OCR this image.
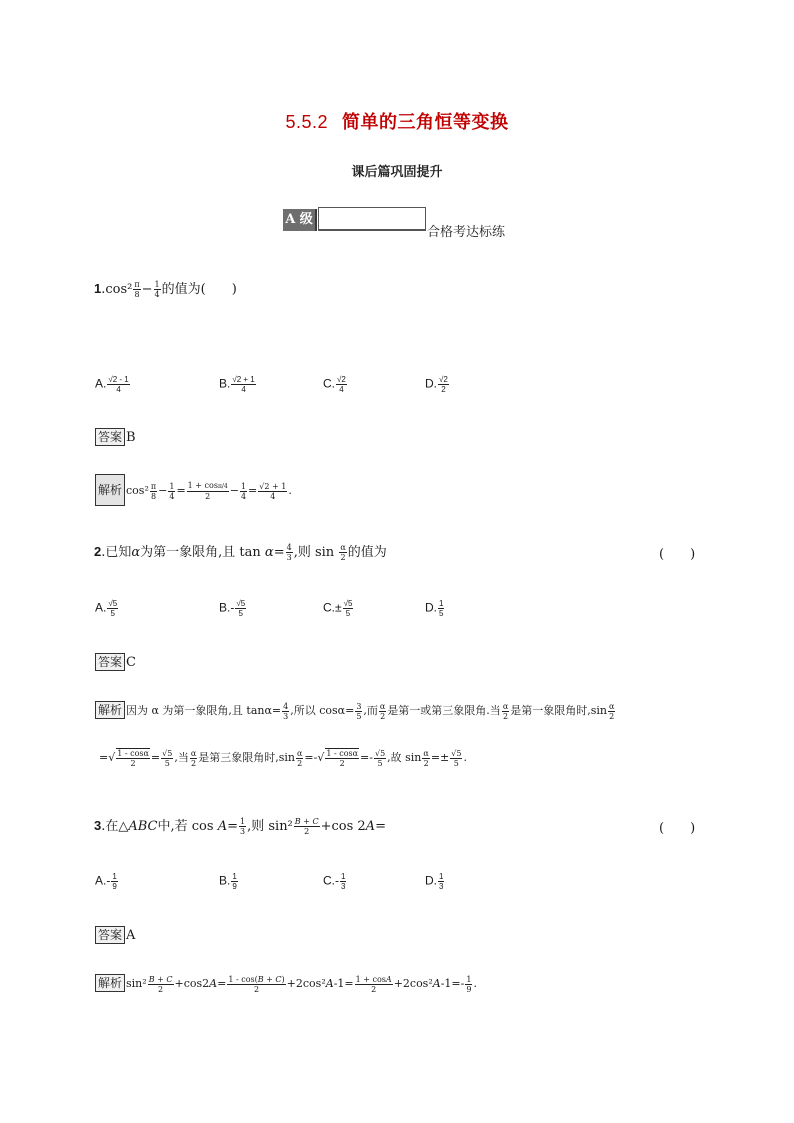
5.5.2 简单的三角恒等变换
课后篇巩固提升
A 级
合格考达标练
$1.\cos^2 \frac{\pi}{8} - \frac{1}{4}$ 的值为(　　)
A. $\frac{√2 - 1}{4}$	B. $\frac{√2 + 1}{4}$	C. $\frac{√2}{4}$	D. $\frac{√2}{2}$
答案 B
解析 $\cos^2 \frac{\pi}{8} - \frac{1}{4} = \frac{1 + \cos\pi/4}{2} - \frac{1}{4} = \frac{√2 + 1}{4}$ .
2.已知α为第一象限角,且 $\tan \alpha= \frac{4}{3}$ ,则 $\sin \frac{\alpha}{2}$ 的值为	(　　)
A. $\frac{√5}{5}$	$B.- \frac{√5}{5}$	$C.\pm \frac{√5}{5}$	D. $\frac{1}{5}$
答案 C
解析 因为 α 为第一象限角,且 $\tan\alpha= \frac{4}{3}$ ,所以 $\cos\alpha= \frac{3}{5}$ ,而 $\frac{\alpha}{2}$ 是第一或第三象限角.当 $\frac{\alpha}{2}$ 是第一象限角时$,\sin \frac{\alpha}{2}$
=√ $\frac{1 - \cos\alpha}{2} = \frac{√5}{5}$ ,当 $\frac{\alpha}{2}$ 是第三象限角时$,\sin \frac{\alpha}{2}$ =-√ $\frac{1 - \cos\alpha}{2} =- \frac{√5}{5}$ ,故 $\sin \frac{\alpha}{2} =\pm \frac{√5}{5}$ .
3.在△ABC中,若 $\cos A= \frac{1}{3}$ ,则 $\sin^2 \frac{B + C}{2} +\cos$ 2A=	(　　)
$A.- \frac{1}{9}$	B. $\frac{1}{9}$	$C.- \frac{1}{3}$	D. $\frac{1}{3}$
答案 A
解析 $\sin^2 \frac{B + C}{2} +\cos 2A= \frac{1 - \cos(B + C)}{2} +2\cos^2A-1= \frac{1 + \cos A}{2} +2\cos^2A-1=- \frac{1}{9}$ .
